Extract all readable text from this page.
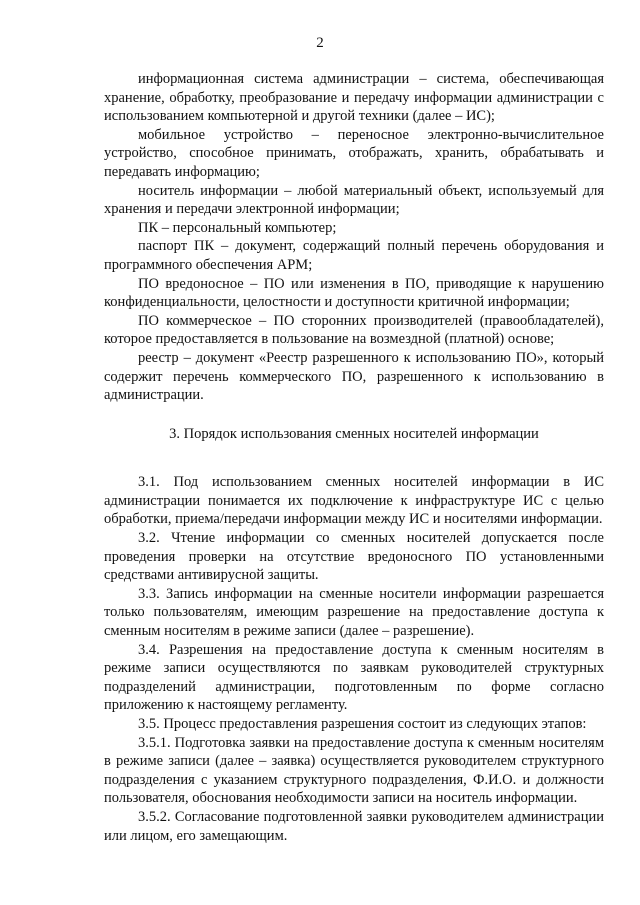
2

информационная система администрации – система, обеспечивающая хранение, обработку, преобразование и передачу информации администрации с использованием компьютерной и другой техники (далее – ИС);

мобильное устройство – переносное электронно-вычислительное устройство, способное принимать, отображать, хранить, обрабатывать и передавать информацию;

носитель информации – любой материальный объект, используемый для хранения и передачи электронной информации;

ПК – персональный компьютер;

паспорт ПК – документ, содержащий полный перечень оборудования и программного обеспечения АРМ;

ПО вредоносное – ПО или изменения в ПО, приводящие к нарушению конфиденциальности, целостности и доступности критичной информации;

ПО коммерческое – ПО сторонних производителей (правообладателей), которое предоставляется в пользование на возмездной (платной) основе;

реестр – документ «Реестр разрешенного к использованию ПО», который содержит перечень коммерческого ПО, разрешенного к использованию в администрации.

3. Порядок использования сменных носителей информации

3.1. Под использованием сменных носителей информации в ИС администрации понимается их подключение к инфраструктуре ИС с целью обработки, приема/передачи информации между ИС и носителями информации.

3.2. Чтение информации со сменных носителей допускается после проведения проверки на отсутствие вредоносного ПО установленными средствами антивирусной защиты.

3.3. Запись информации на сменные носители информации разрешается только пользователям, имеющим разрешение на предоставление доступа к сменным носителям в режиме записи (далее – разрешение).

3.4. Разрешения на предоставление доступа к сменным носителям в режиме записи осуществляются по заявкам руководителей структурных подразделений администрации, подготовленным по форме согласно приложению к настоящему регламенту.

3.5. Процесс предоставления разрешения состоит из следующих этапов:

3.5.1. Подготовка заявки на предоставление доступа к сменным носителям в режиме записи (далее – заявка) осуществляется руководителем структурного подразделения с указанием структурного подразделения, Ф.И.О. и должности пользователя, обоснования необходимости записи на носитель информации.

3.5.2. Согласование подготовленной заявки руководителем администрации или лицом, его замещающим.
